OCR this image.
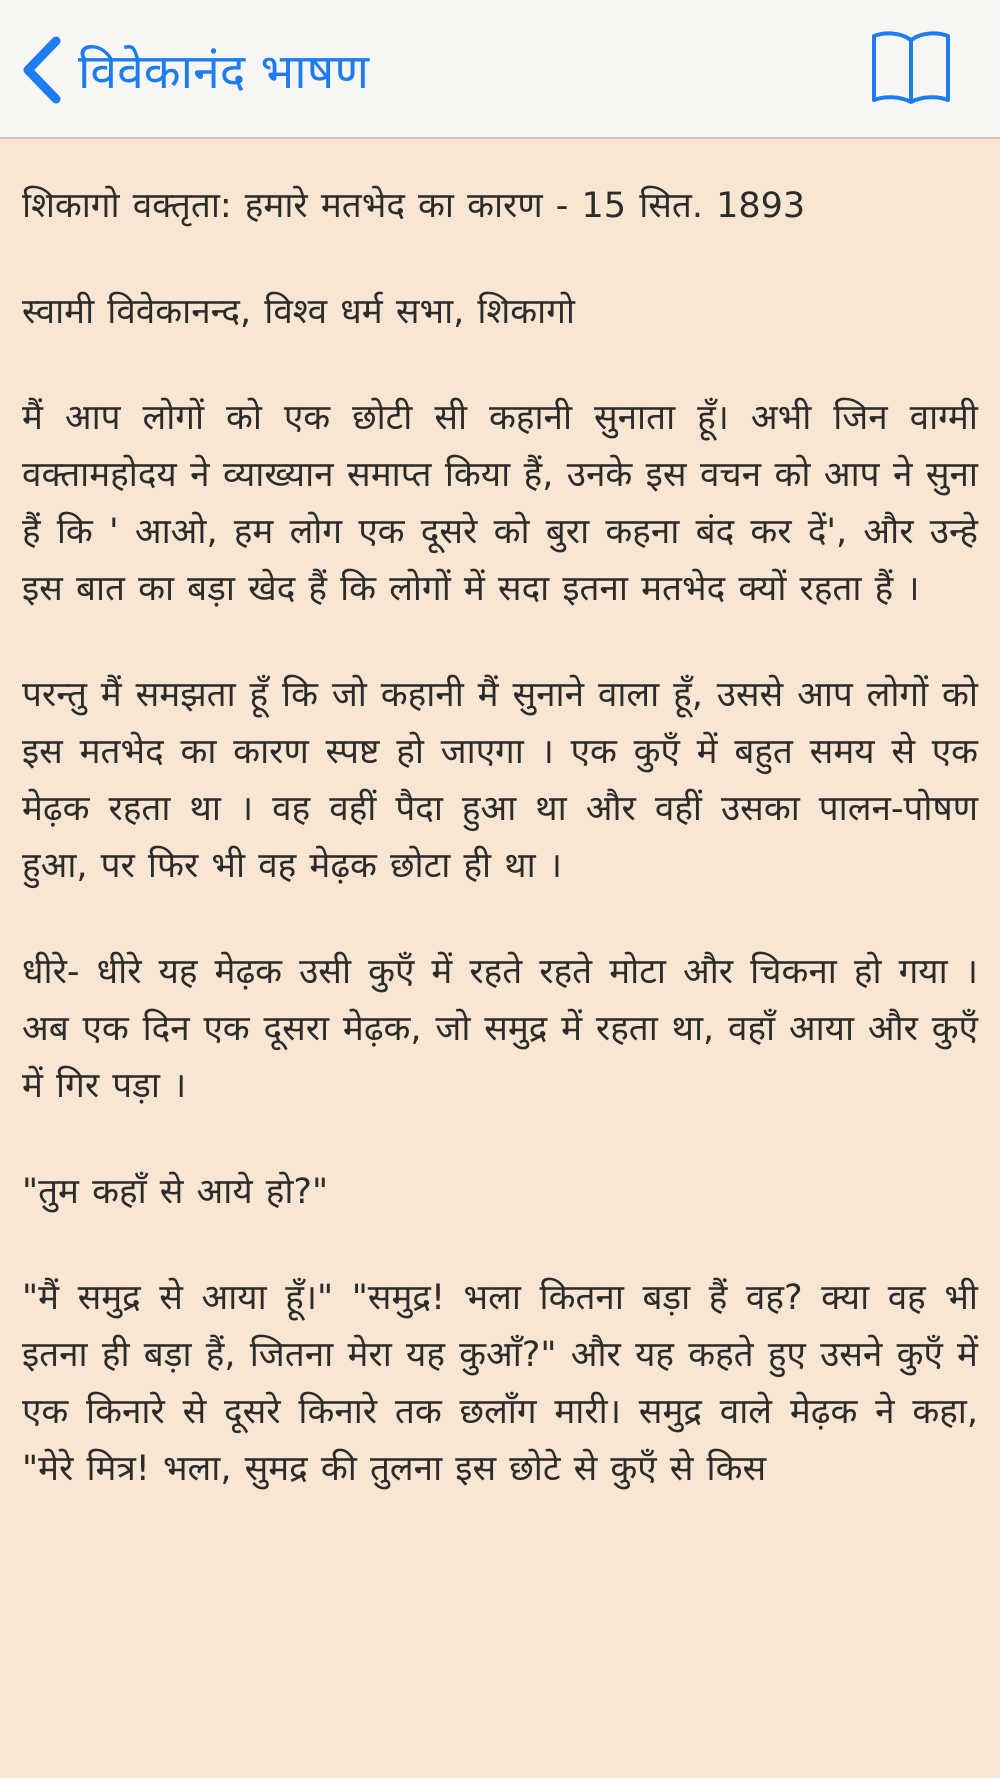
विवेकानंद भाषण

शिकागो वक्तृता: हमारे मतभेद का कारण - 15 सित. 1893

स्वामी विवेकानन्द, विश्व धर्म सभा, शिकागो

मैं आप लोगों को एक छोटी सी कहानी सुनाता हूँ। अभी जिन वाग्मी वक्तामहोदय ने व्याख्यान समाप्त किया हैं, उनके इस वचन को आप ने सुना हैं कि ' आओ, हम लोग एक दूसरे को बुरा कहना बंद कर दें', और उन्हे इस बात का बड़ा खेद हैं कि लोगों में सदा इतना मतभेद क्यों रहता हैं ।

परन्तु मैं समझता हूँ कि जो कहानी मैं सुनाने वाला हूँ, उससे आप लोगों को इस मतभेद का कारण स्पष्ट हो जाएगा । एक कुएँ में बहुत समय से एक मेढ़क रहता था । वह वहीं पैदा हुआ था और वहीं उसका पालन-पोषण हुआ, पर फिर भी वह मेढ़क छोटा ही था ।

धीरे- धीरे यह मेढ़क उसी कुएँ में रहते रहते मोटा और चिकना हो गया । अब एक दिन एक दूसरा मेढ़क, जो समुद्र में रहता था, वहाँ आया और कुएँ में गिर पड़ा ।

"तुम कहाँ से आये हो?"

"मैं समुद्र से आया हूँ।" "समुद्र! भला कितना बड़ा हैं वह? क्या वह भी इतना ही बड़ा हैं, जितना मेरा यह कुआँ?" और यह कहते हुए उसने कुएँ में एक किनारे से दूसरे किनारे तक छलाँग मारी। समुद्र वाले मेढ़क ने कहा, "मेरे मित्र! भला, सुमद्र की तुलना इस छोटे से कुएँ से किस
